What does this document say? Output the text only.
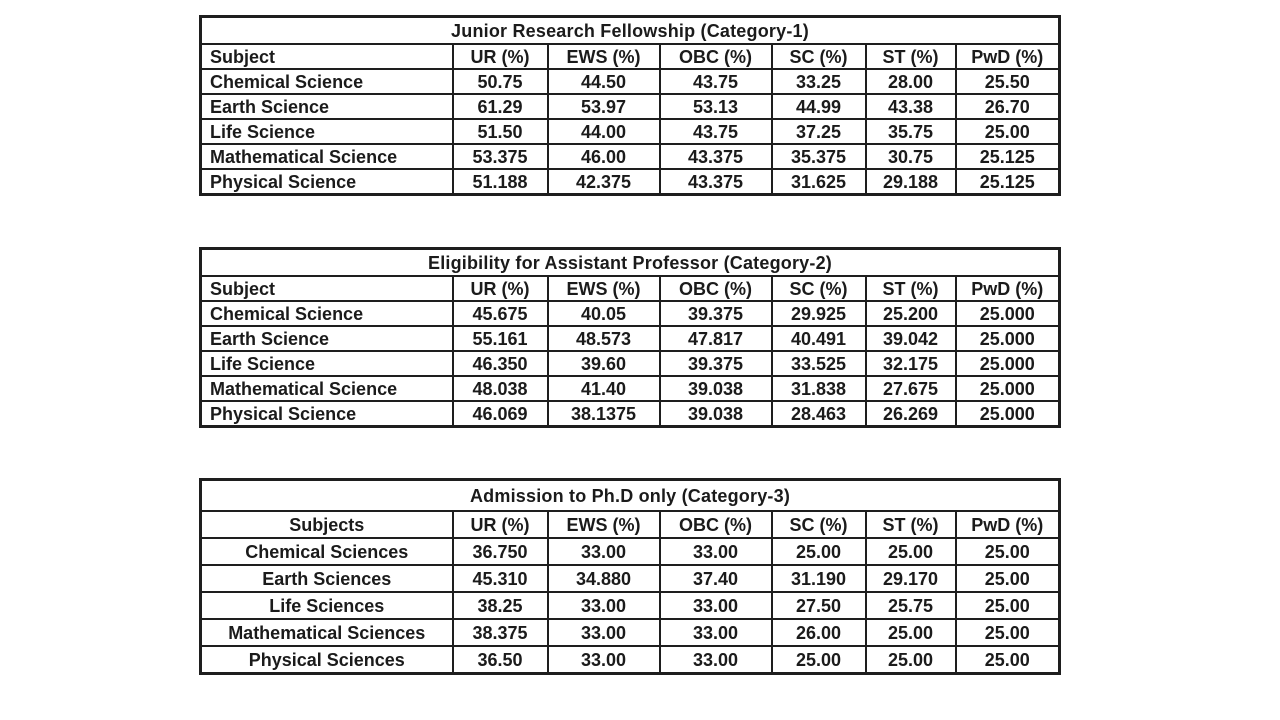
Junior Research Fellowship (Category-1)						
Subject	UR (%)	EWS (%)	OBC (%)	SC (%)	ST (%)	PwD (%)
Chemical Science	50.75	44.50	43.75	33.25	28.00	25.50
Earth Science	61.29	53.97	53.13	44.99	43.38	26.70
Life Science	51.50	44.00	43.75	37.25	35.75	25.00
Mathematical Science	53.375	46.00	43.375	35.375	30.75	25.125
Physical Science	51.188	42.375	43.375	31.625	29.188	25.125
Eligibility for Assistant Professor (Category-2)						
Subject	UR (%)	EWS (%)	OBC (%)	SC (%)	ST (%)	PwD (%)
Chemical Science	45.675	40.05	39.375	29.925	25.200	25.000
Earth Science	55.161	48.573	47.817	40.491	39.042	25.000
Life Science	46.350	39.60	39.375	33.525	32.175	25.000
Mathematical Science	48.038	41.40	39.038	31.838	27.675	25.000
Physical Science	46.069	38.1375	39.038	28.463	26.269	25.000
Admission to Ph.D only (Category-3)						
Subjects	UR (%)	EWS (%)	OBC (%)	SC (%)	ST (%)	PwD (%)
Chemical Sciences	36.750	33.00	33.00	25.00	25.00	25.00
Earth Sciences	45.310	34.880	37.40	31.190	29.170	25.00
Life Sciences	38.25	33.00	33.00	27.50	25.75	25.00
Mathematical Sciences	38.375	33.00	33.00	26.00	25.00	25.00
Physical Sciences	36.50	33.00	33.00	25.00	25.00	25.00
